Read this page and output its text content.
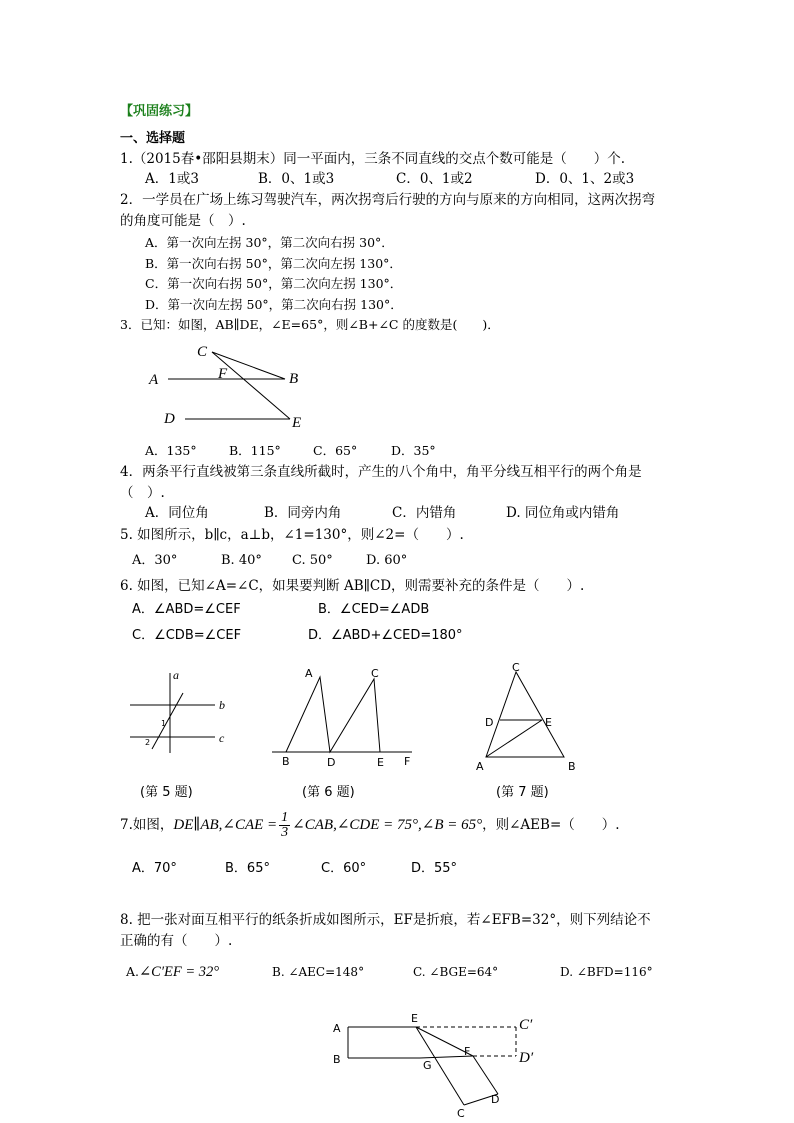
【巩固练习】
一、选择题
1.（2015春•邵阳县期末）同一平面内，三条不同直线的交点个数可能是（　　）个.
A．1或3	B．0、1或3	C．0、1或2	D．0、1、2或3
2．一学员在广场上练习驾驶汽车，两次拐弯后行驶的方向与原来的方向相同，这两次拐弯
的角度可能是（　）.
A．第一次向左拐 30°，第二次向右拐 30°．
B．第一次向右拐 50°，第二次向左拐 130°．
C．第一次向右拐 50°，第二次向左拐 130°．
D．第一次向左拐 50°，第二次向右拐 130°．
3．已知：如图，AB∥DE，∠E=65°，则∠B+∠C 的度数是(　　)．
C
F
A	B
D	E
A．135°	B．115°	C．65°	D．35°
4．两条平行直线被第三条直线所截时，产生的八个角中，角平分线互相平行的两个角是
（　）.
A．同位角	B．同旁内角	C．内错角	D. 同位角或内错角
5. 如图所示，b∥c，a⊥b，∠1=130°，则∠2=（　　）.
A．30°	B. 40° C. 50°	D. 60°
6. 如图，已知∠A=∠C，如果要判断 AB∥CD，则需要补充的条件是（　　）.
A．∠ABD=∠CEF	B．∠CED=∠ADB
C．∠CDB=∠CEF	D．∠ABD+∠CED=180°
a
b
c
1
2
(第 5 题)
A	C
B	D	E F
(第 6 题)
C
D	E
A	B
(第 7 题)
7.如图，DE∥AB,∠CAE = $\frac{1}{3}$ ∠CAB,∠CDE = 75°,∠B = 65°，则∠AEB=（　　）.
A．70°	B．65°	C．60°	D．55°
8. 把一张对面互相平行的纸条折成如图所示，EF是折痕，若∠EFB=32°，则下列结论不
正确的有（　　）.
A.∠C′EF = 32°	B. ∠AEC=148°	C. ∠BGE=64°	D. ∠BFD=116°
A
B
E
F
G
C
D
C′
D′
